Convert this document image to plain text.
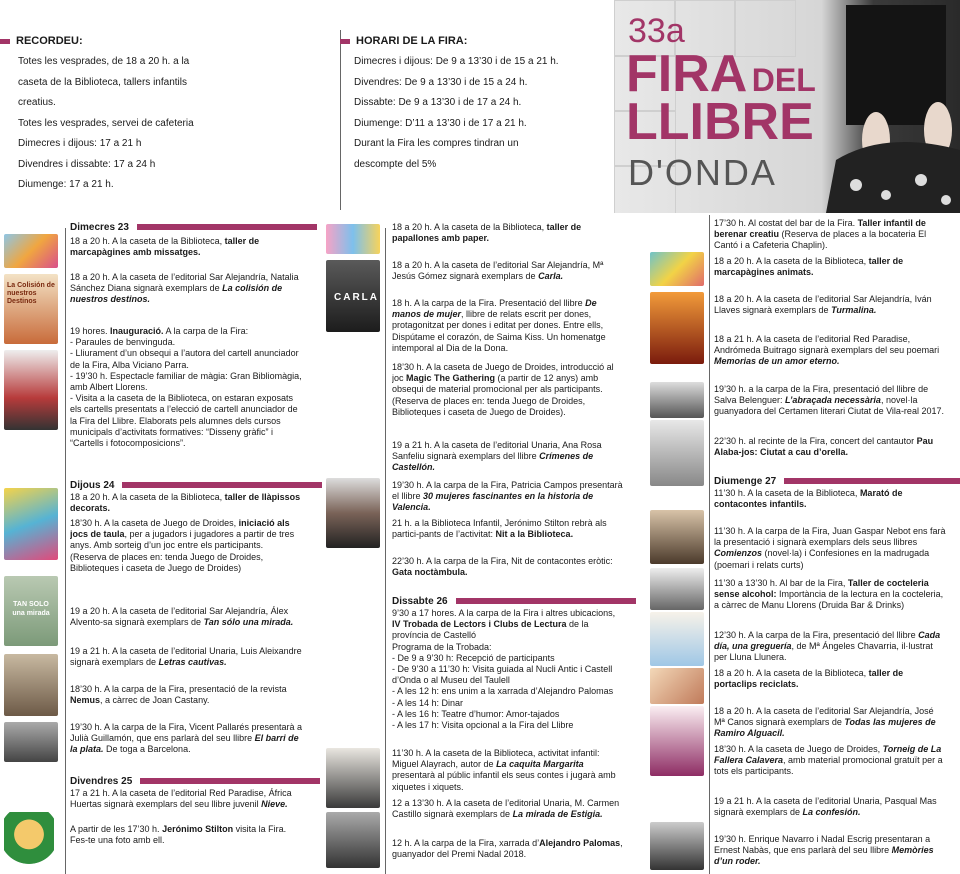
RECORDEU:
Totes les vesprades, de 18 a 20 h. a la
caseta de la Biblioteca, tallers infantils
creatius.
Totes les vesprades, servei de cafeteria
Dimecres i dijous: 17 a 21 h
Divendres i dissabte: 17 a 24 h
Diumenge: 17 a 21 h.
HORARI DE LA FIRA:
Dimecres i dijous: De 9 a 13’30 i de 15 a 21 h.
Divendres: De 9 a 13’30 i de 15 a 24 h.
Dissabte: De 9 a 13’30 i de 17 a 24 h.
Diumenge: D’11 a 13’30 i de 17 a 21 h.
Durant la Fira les compres tindran un
descompte del 5%
33a
FIRA DEL
LLIBRE
D'ONDA
Dimecres 23
Dijous 24
Divendres 25
Dissabte 26
Diumenge 27
La Colisión de nuestros Destinos
TAN SOLO una mirada
CARLA
18 a 20 h. A la caseta de la Biblioteca, taller de marcapàgines amb missatges.
18 a 20 h. A la caseta de l’editorial Sar Alejandría, Natalia Sánchez Diana signarà exemplars de La colisión de nuestros destinos.
19 hores. Inauguració. A la carpa de la Fira:
- Paraules de benvinguda.
- Lliurament d’un obsequi a l’autora del cartell anunciador de la Fira, Alba Viciano Parra.
- 19’30 h. Espectacle familiar de màgia: Gran Bibliomàgia, amb Albert Llorens.
- Visita a la caseta de la Biblioteca, on estaran exposats els cartells presentats a l’elecció de cartell anunciador de la Fira del Llibre. Elaborats pels alumnes dels cursos municipals d’activitats formatives: “Disseny gràfic” i “Cartells i fotocomposicions”.
18 a 20 h. A la caseta de la Biblioteca, taller de llàpissos decorats.
18’30 h. A la caseta de Juego de Droides, iniciació als jocs de taula, per a jugadors i jugadores a partir de tres anys. Amb sorteig d’un joc entre els participants. (Reserva de places en: tenda Juego de Droides, Biblioteques i caseta de Juego de Droides)
19 a 20 h. A la caseta de l’editorial Sar Alejandría, Álex Alvento-sa signarà exemplars de Tan sólo una mirada.
19 a 21 h. A la caseta de l’editorial Unaria, Luis Aleixandre signarà exemplars de Letras cautivas.
18’30 h. A la carpa de la Fira, presentació de la revista Nemus, a càrrec de Joan Castany.
19’30 h. A la carpa de la Fira, Vicent Pallarés presentarà a Julià Guillamón, que ens parlarà del seu llibre El barri de la plata. De toga a Barcelona.
17 a 21 h. A la caseta de l’editorial Red Paradise, África Huertas signarà exemplars del seu llibre juvenil Nieve.
A partir de les 17’30 h. Jerónimo Stilton visita la Fira. Fes-te una foto amb ell.
18 a 20 h. A la caseta de la Biblioteca, taller de papallones amb paper.
18 a 20 h. A la caseta de l’editorial Sar Alejandría, Mª Jesús Gómez signarà exemplars de Carla.
18 h. A la carpa de la Fira. Presentació del llibre De manos de mujer, llibre de relats escrit per dones, protagonitzat per dones i editat per dones. Entre ells, Dispútame el corazón, de Saima Kiss. Un homenatge intemporal al Dia de la Dona.
18’30 h. A la caseta de Juego de Droides, introducció al joc Magic The Gathering (a partir de 12 anys) amb obsequi de material promocional per als participants. (Reserva de places en: tenda Juego de Droides, Biblioteques i caseta de Juego de Droides).
19 a 21 h. A la caseta de l’editorial Unaria, Ana Rosa Sanfeliu signarà exemplars del llibre Crímenes de Castellón.
19’30 h. A la carpa de la Fira, Patricia Campos presentarà el llibre 30 mujeres fascinantes en la historia de Valencia.
21 h. a la Biblioteca Infantil, Jerónimo Stilton rebrà als partici-pants de l’activitat: Nit a la Biblioteca.
22’30 h. A la carpa de la Fira, Nit de contacontes eròtic: Gata noctàmbula.
9’30 a 17 hores. A la carpa de la Fira i altres ubicacions, IV Trobada de Lectors i Clubs de Lectura de la província de Castelló
Programa de la Trobada:
- De 9 a 9’30 h: Recepció de participants
- De 9’30 a 11’30 h: Visita guiada al Nucli Antic i Castell d’Onda o al Museu del Taulell
- A les 12 h: ens unim a la xarrada d’Alejandro Palomas
- A les 14 h: Dinar
- A les 16 h: Teatre d’humor: Amor-tajados
- A les 17 h: Visita opcional a la Fira del Llibre
11’30 h. A la caseta de la Biblioteca, activitat infantil: Miguel Alayrach, autor de La caquita Margarita presentarà al públic infantil els seus contes i jugarà amb xiquetes i xiquets.
12 a 13’30 h. A la caseta de l’editorial Unaria, M. Carmen Castillo signarà exemplars de La mirada de Estigia.
12 h. A la carpa de la Fira, xarrada d’Alejandro Palomas, guanyador del Premi Nadal 2018.
17’30 h. Al costat del bar de la Fira. Taller infantil de berenar creatiu (Reserva de places a la bocateria El Cantó i a Cafeteria Chaplin).
18 a 20 h. A la caseta de la Biblioteca, taller de marcapàgines animats.
18 a 20 h. A la caseta de l’editorial Sar Alejandría, Iván Llaves signarà exemplars de Turmalina.
18 a 21 h. A la caseta de l’editorial Red Paradise, Andrómeda Buitrago signarà exemplars del seu poemari Memorias de un amor eterno.
19’30 h. a la carpa de la Fira, presentació del llibre de Salva Belenguer: L’abraçada necessària, novel·la guanyadora del Certamen literari Ciutat de Vila-real 2017.
22’30 h. al recinte de la Fira, concert del cantautor Pau Alaba-jos: Ciutat a cau d’orella.
11’30 h. A la caseta de la Biblioteca, Marató de contacontes infantils.
11’30 h. A la carpa de la Fira, Juan Gaspar Nebot ens farà la presentació i signarà exemplars dels seus llibres Comienzos (novel·la) i Confesiones en la madrugada (poemari i relats curts)
11’30 a 13’30 h. Al bar de la Fira, Taller de cocteleria sense alcohol: Importància de la lectura en la cocteleria, a càrrec de Manu Llorens (Druida Bar & Drinks)
12’30 h. A la carpa de la Fira, presentació del llibre Cada día, una greguería, de Mª Ángeles Chavarria, il·lustrat per Lluna Llunera.
18 a 20 h. A la caseta de la Biblioteca, taller de portaclips reciclats.
18 a 20 h. A la caseta de l’editorial Sar Alejandría, José Mª Canos signarà exemplars de Todas las mujeres de Ramiro Alguacil.
18’30 h. A la caseta de Juego de Droides, Torneig de La Fallera Calavera, amb material promocional gratuït per a tots els participants.
19 a 21 h. A la caseta de l’editorial Unaria, Pasqual Mas signarà exemplars de La confesión.
19’30 h. Enrique Navarro i Nadal Escrig presentaran a Ernest Nabàs, que ens parlarà del seu llibre Memòries d’un roder.
